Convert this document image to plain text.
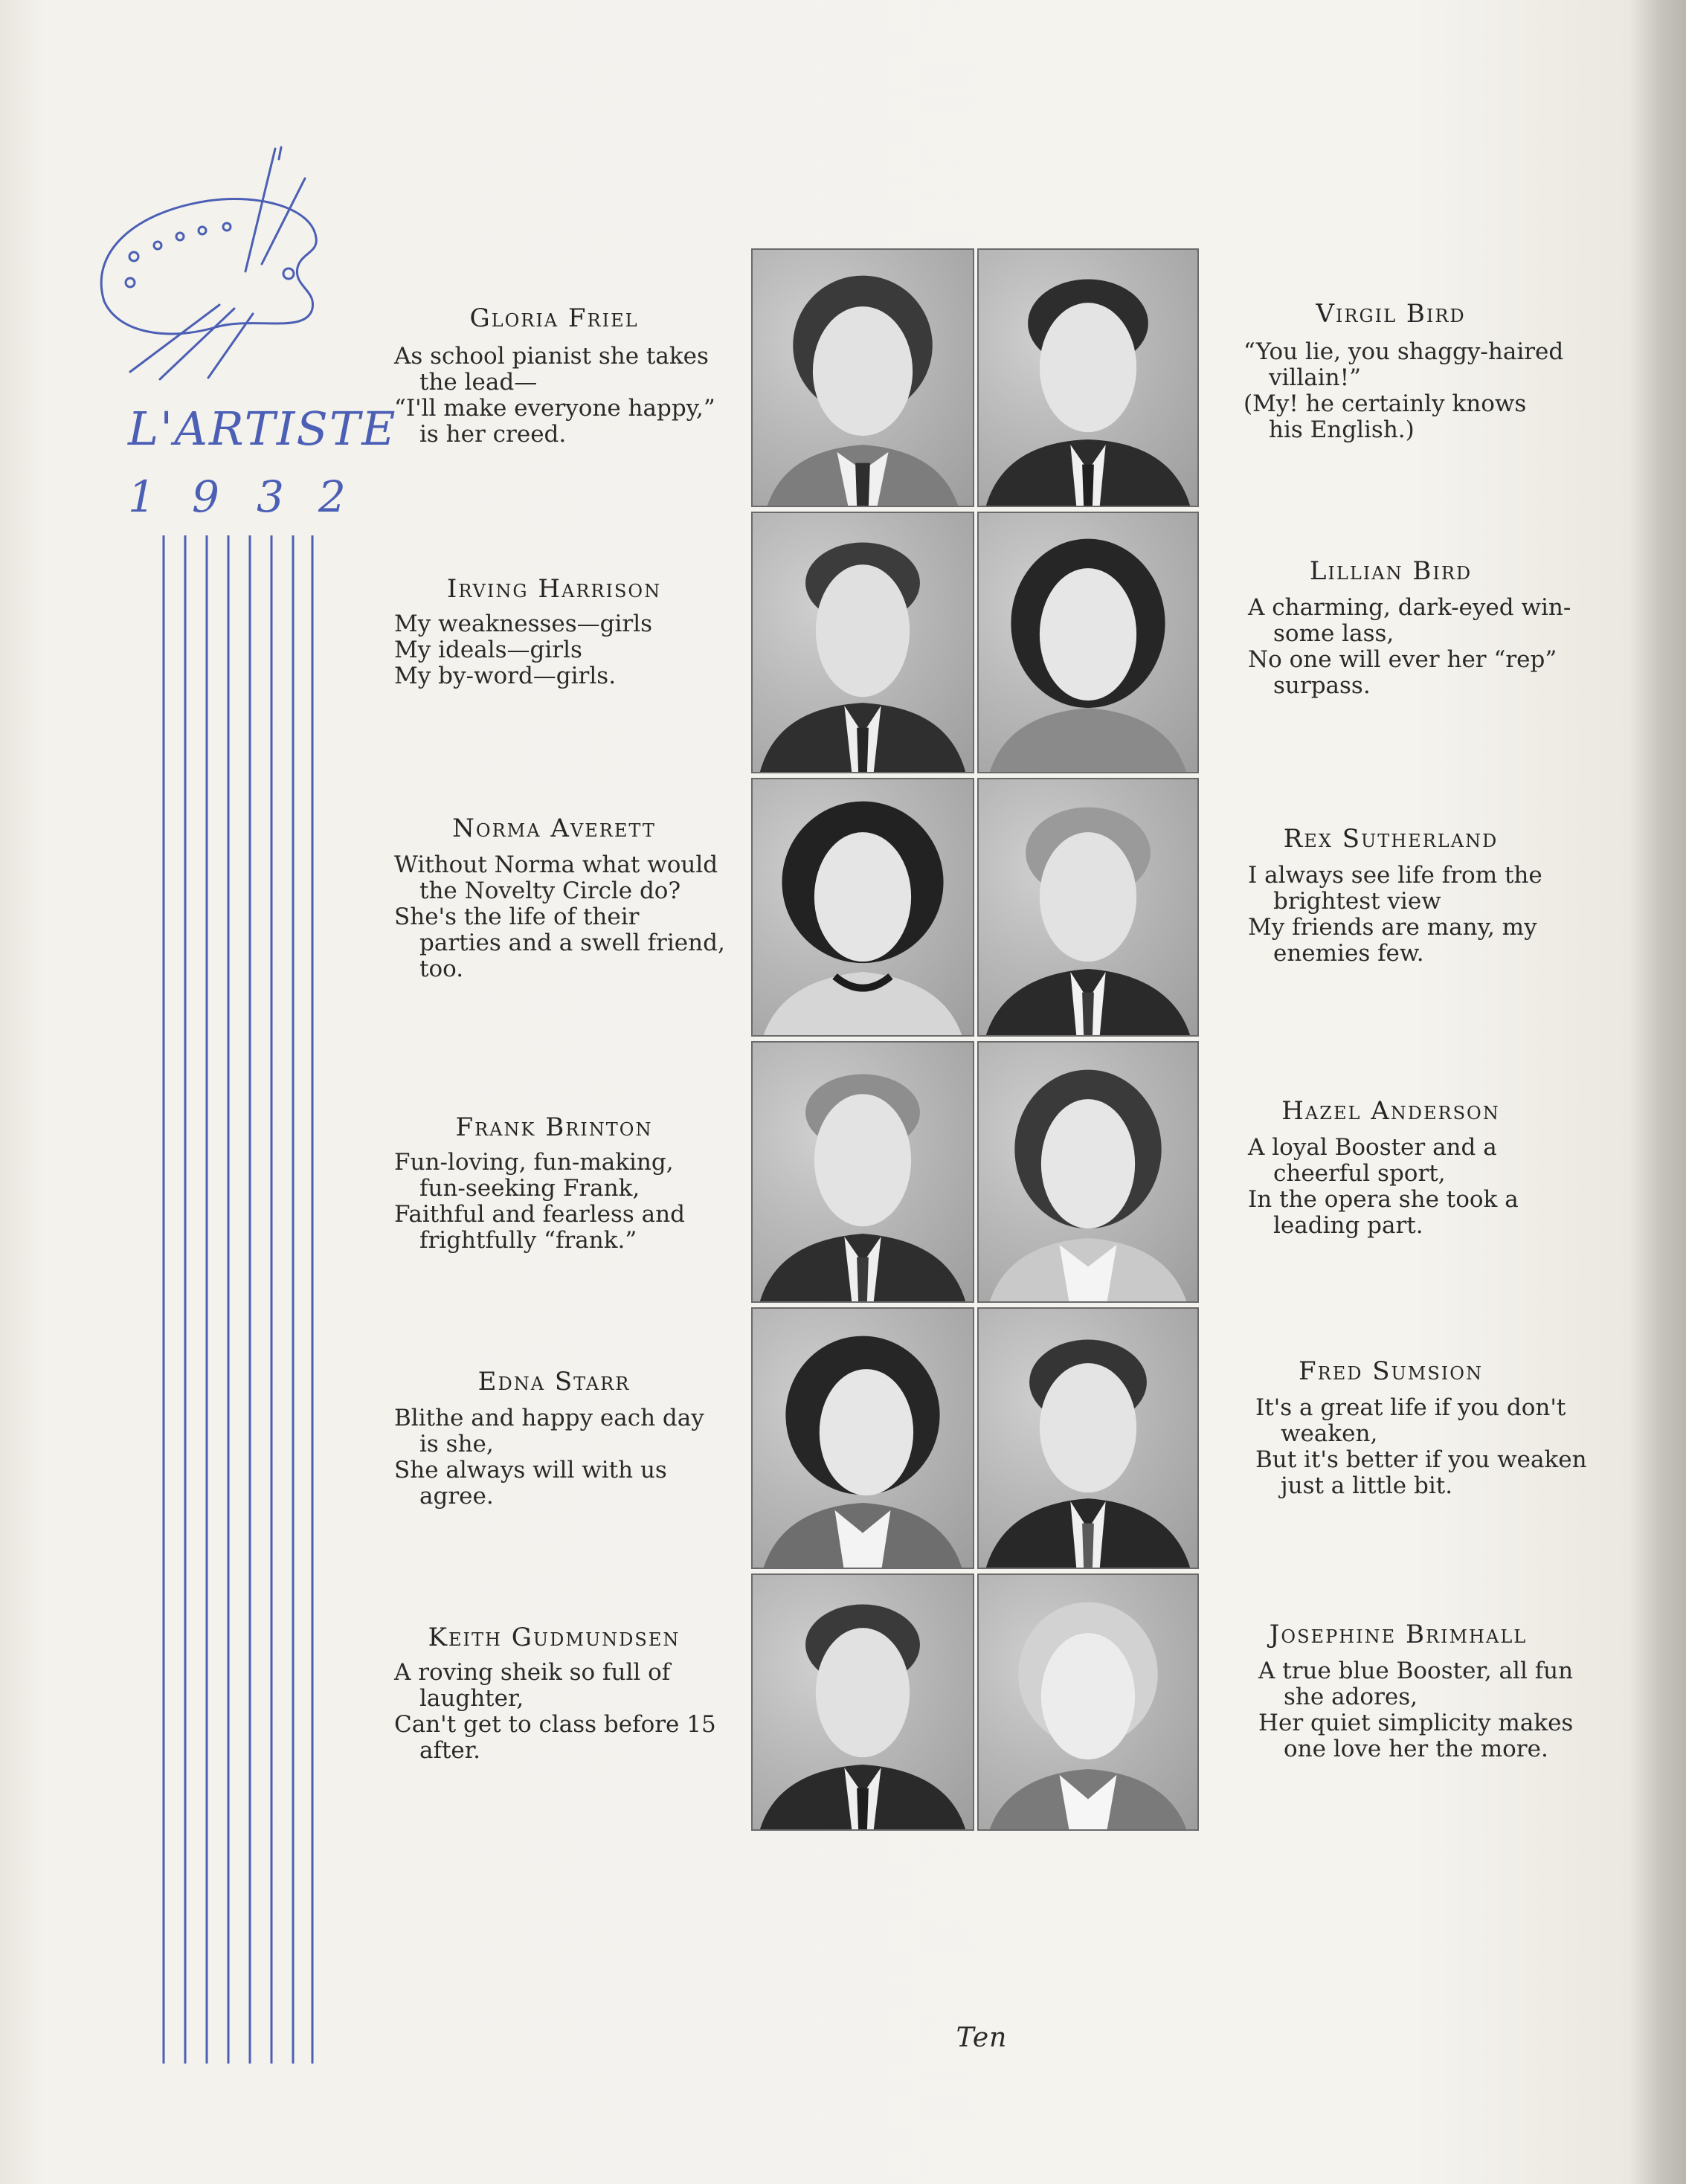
L'ARTISTE
1 9 3 2
Gloria Friel
As school pianist she takes
the lead—
“I'll make everyone happy,”
is her creed.
Irving Harrison
My weaknesses—girls
My ideals—girls
My by-word—girls.
Norma Averett
Without Norma what would
the Novelty Circle do?
She's the life of their
parties and a swell friend,
too.
Frank Brinton
Fun-loving, fun-making,
fun-seeking Frank,
Faithful and fearless and
frightfully “frank.”
Edna Starr
Blithe and happy each day
is she,
She always will with us
agree.
Keith Gudmundsen
A roving sheik so full of
laughter,
Can't get to class before 15
after.
Virgil Bird
“You lie, you shaggy-haired
villain!”
(My! he certainly knows
his English.)
Lillian Bird
A charming, dark-eyed win-
some lass,
No one will ever her “rep”
surpass.
Rex Sutherland
I always see life from the
brightest view
My friends are many, my
enemies few.
Hazel Anderson
A loyal Booster and a
cheerful sport,
In the opera she took a
leading part.
Fred Sumsion
It's a great life if you don't
weaken,
But it's better if you weaken
just a little bit.
Josephine Brimhall
A true blue Booster, all fun
she adores,
Her quiet simplicity makes
one love her the more.
Ten
